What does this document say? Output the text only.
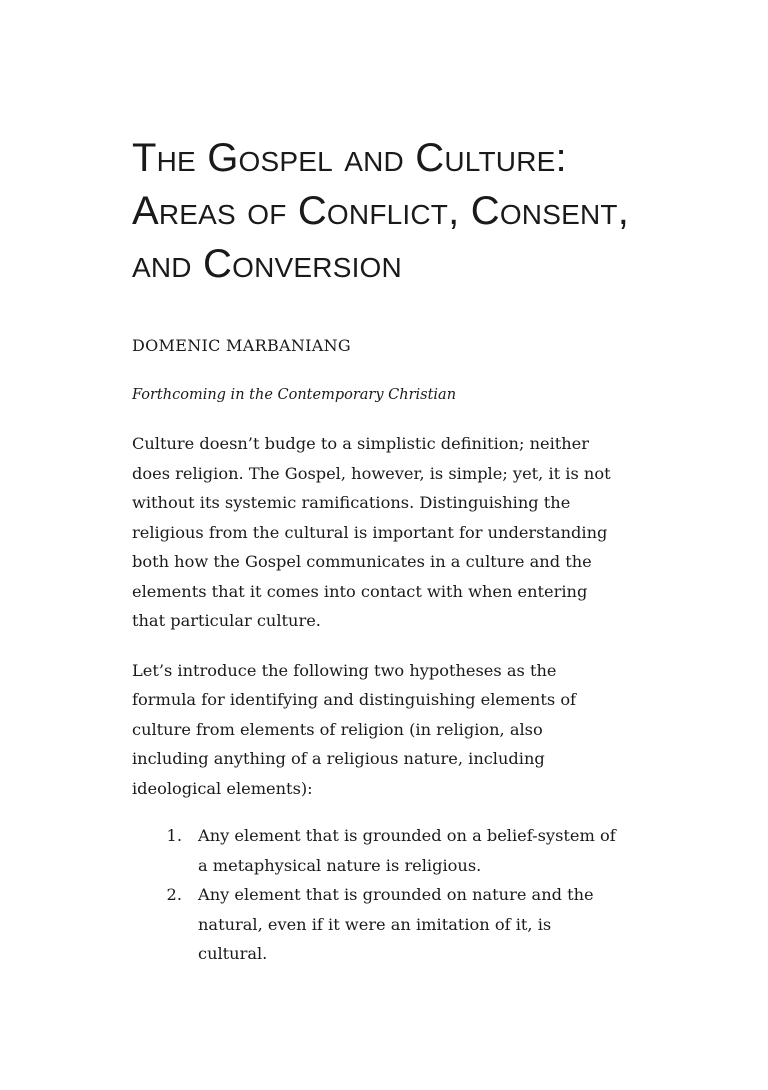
The Gospel and Culture:
Areas of Conflict, Consent,
and Conversion
DOMENIC MARBANIANG
Forthcoming in the Contemporary Christian

Culture doesn’t budge to a simplistic definition; neither
does religion. The Gospel, however, is simple; yet, it is not
without its systemic ramifications. Distinguishing the
religious from the cultural is important for understanding
both how the Gospel communicates in a culture and the
elements that it comes into contact with when entering
that particular culture.

Let’s introduce the following two hypotheses as the
formula for identifying and distinguishing elements of
culture from elements of religion (in religion, also
including anything of a religious nature, including
ideological elements):

1. Any element that is grounded on a belief-system of
a metaphysical nature is religious.
2. Any element that is grounded on nature and the
natural, even if it were an imitation of it, is
cultural.
